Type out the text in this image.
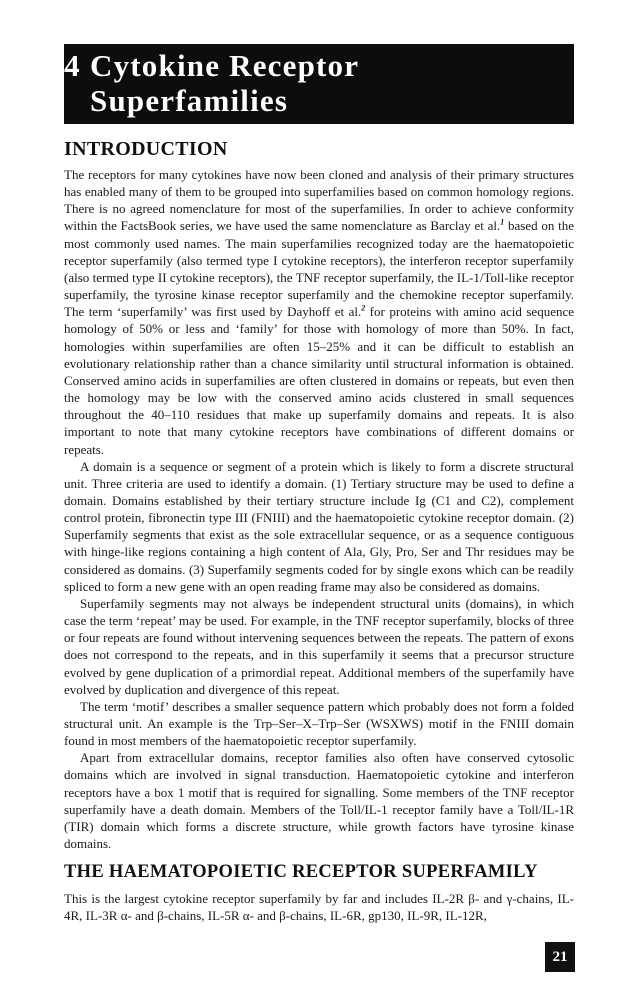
4 Cytokine Receptor
Superfamilies
INTRODUCTION

The receptors for many cytokines have now been cloned and analysis of their primary structures has enabled many of them to be grouped into superfamilies based on common homology regions. There is no agreed nomenclature for most of the superfamilies. In order to achieve conformity within the FactsBook series, we have used the same nomenclature as Barclay et al.$^1$ based on the most commonly used names. The main superfamilies recognized today are the haematopoietic receptor superfamily (also termed type I cytokine receptors), the interferon receptor superfamily (also termed type II cytokine receptors), the TNF receptor superfamily, the IL-1/Toll-like receptor superfamily, the tyrosine kinase receptor superfamily and the chemokine receptor superfamily. The term ‘superfamily’ was first used by Dayhoff et al.$^2$ for proteins with amino acid sequence homology of 50% or less and ‘family’ for those with homology of more than 50%. In fact, homologies within superfamilies are often 15–25% and it can be difficult to establish an evolutionary relationship rather than a chance similarity until structural information is obtained. Conserved amino acids in superfamilies are often clustered in domains or repeats, but even then the homology may be low with the conserved amino acids clustered in small sequences throughout the 40–110 residues that make up superfamily domains and repeats. It is also important to note that many cytokine receptors have combinations of different domains or repeats.

A domain is a sequence or segment of a protein which is likely to form a discrete structural unit. Three criteria are used to identify a domain. (1) Tertiary structure may be used to define a domain. Domains established by their tertiary structure include Ig (C1 and C2), complement control protein, fibronectin type III (FNIII) and the haematopoietic cytokine receptor domain. (2) Superfamily segments that exist as the sole extracellular sequence, or as a sequence contiguous with hinge-like regions containing a high content of Ala, Gly, Pro, Ser and Thr residues may be considered as domains. (3) Superfamily segments coded for by single exons which can be readily spliced to form a new gene with an open reading frame may also be considered as domains.

Superfamily segments may not always be independent structural units (domains), in which case the term ‘repeat’ may be used. For example, in the TNF receptor superfamily, blocks of three or four repeats are found without intervening sequences between the repeats. The pattern of exons does not correspond to the repeats, and in this superfamily it seems that a precursor structure evolved by gene duplication of a primordial repeat. Additional members of the superfamily have evolved by duplication and divergence of this repeat.

The term ‘motif’ describes a smaller sequence pattern which probably does not form a folded structural unit. An example is the Trp–Ser–X–Trp–Ser (WSXWS) motif in the FNIII domain found in most members of the haematopoietic receptor superfamily.

Apart from extracellular domains, receptor families also often have conserved cytosolic domains which are involved in signal transduction. Haematopoietic cytokine and interferon receptors have a box 1 motif that is required for signalling. Some members of the TNF receptor superfamily have a death domain. Members of the Toll/IL-1 receptor family have a Toll/IL-1R (TIR) domain which forms a discrete structure, while growth factors have tyrosine kinase domains.

THE HAEMATOPOIETIC RECEPTOR SUPERFAMILY

This is the largest cytokine receptor superfamily by far and includes IL-2R β- and γ-chains, IL-4R, IL-3R α- and β-chains, IL-5R α- and β-chains, IL-6R, gp130, IL-9R, IL-12R,

21
